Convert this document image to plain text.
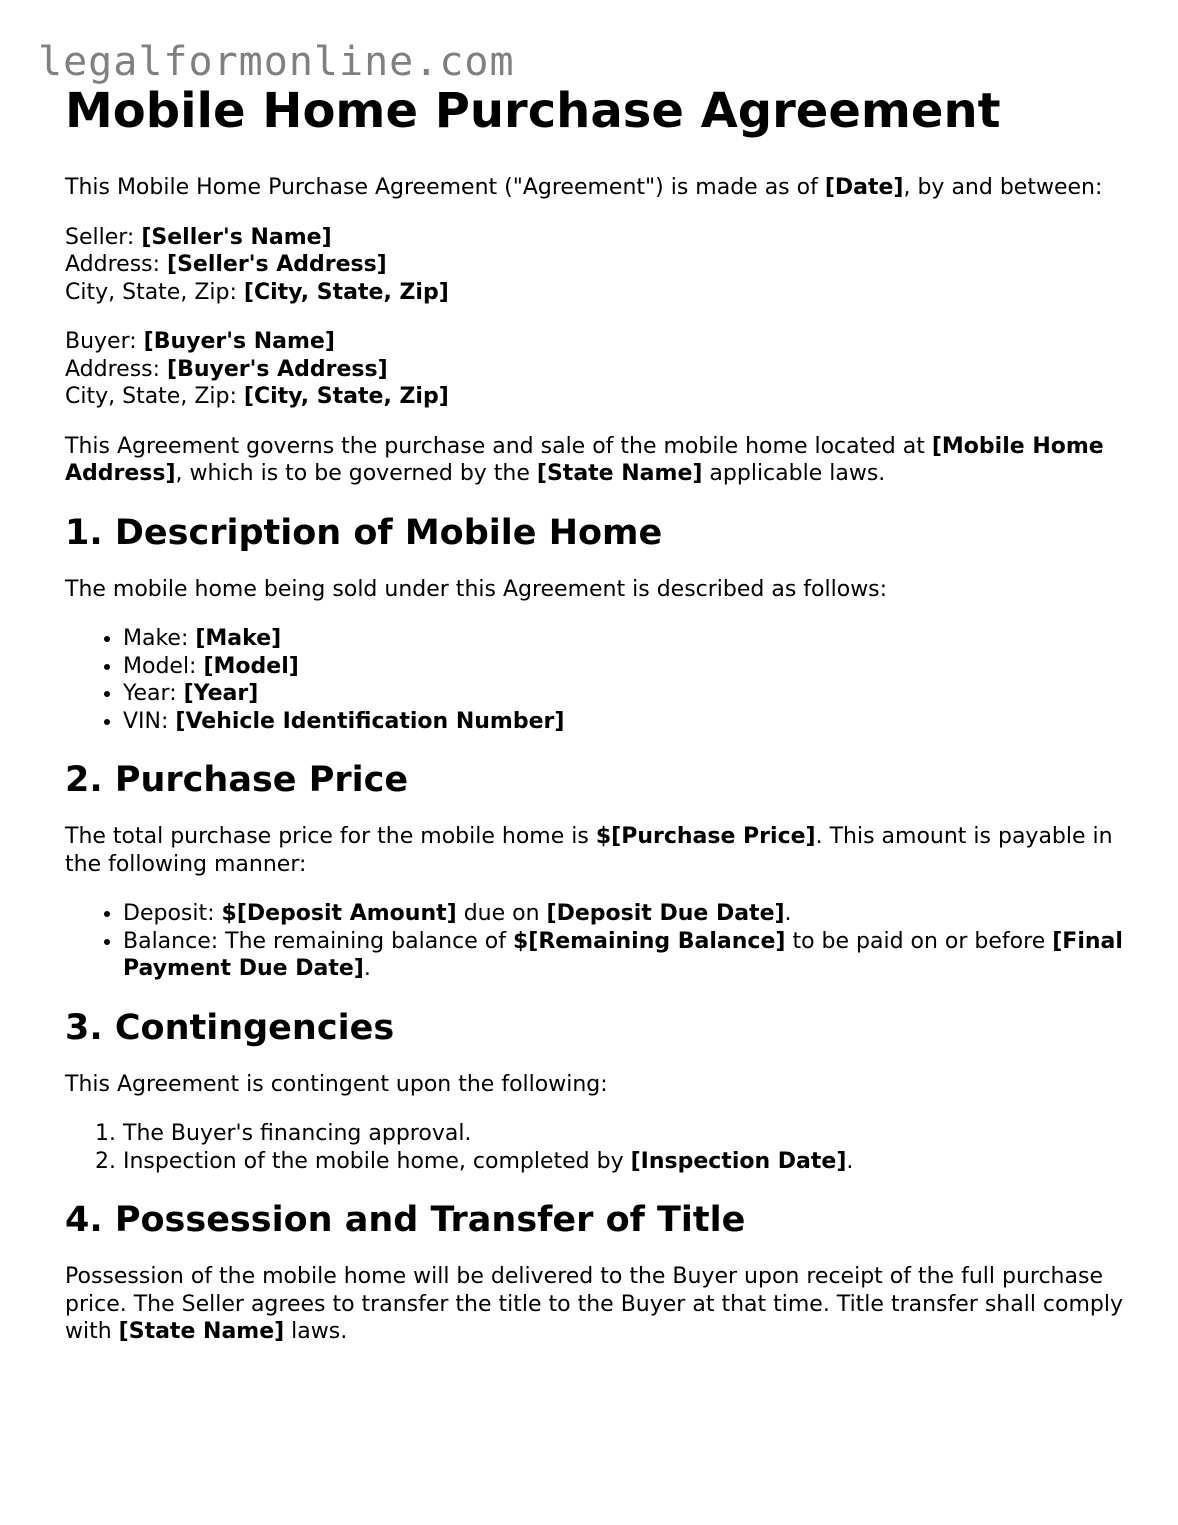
legalformonline.com
Mobile Home Purchase Agreement

This Mobile Home Purchase Agreement ("Agreement") is made as of [Date], by and between:

Seller: [Seller's Name]
Address: [Seller's Address]
City, State, Zip: [City, State, Zip]

Buyer: [Buyer's Name]
Address: [Buyer's Address]
City, State, Zip: [City, State, Zip]

This Agreement governs the purchase and sale of the mobile home located at [Mobile Home Address], which is to be governed by the [State Name] applicable laws.

1. Description of Mobile Home

The mobile home being sold under this Agreement is described as follows:

• Make: [Make]
• Model: [Model]
• Year: [Year]
• VIN: [Vehicle Identification Number]
2. Purchase Price

The total purchase price for the mobile home is $[Purchase Price]. This amount is payable in the following manner:

• Deposit: $[Deposit Amount] due on [Deposit Due Date].
• Balance: The remaining balance of $[Remaining Balance] to be paid on or before [Final Payment Due Date].
3. Contingencies

This Agreement is contingent upon the following:

1. The Buyer's financing approval.
2. Inspection of the mobile home, completed by [Inspection Date].
4. Possession and Transfer of Title

Possession of the mobile home will be delivered to the Buyer upon receipt of the full purchase price. The Seller agrees to transfer the title to the Buyer at that time. Title transfer shall comply with [State Name] laws.
